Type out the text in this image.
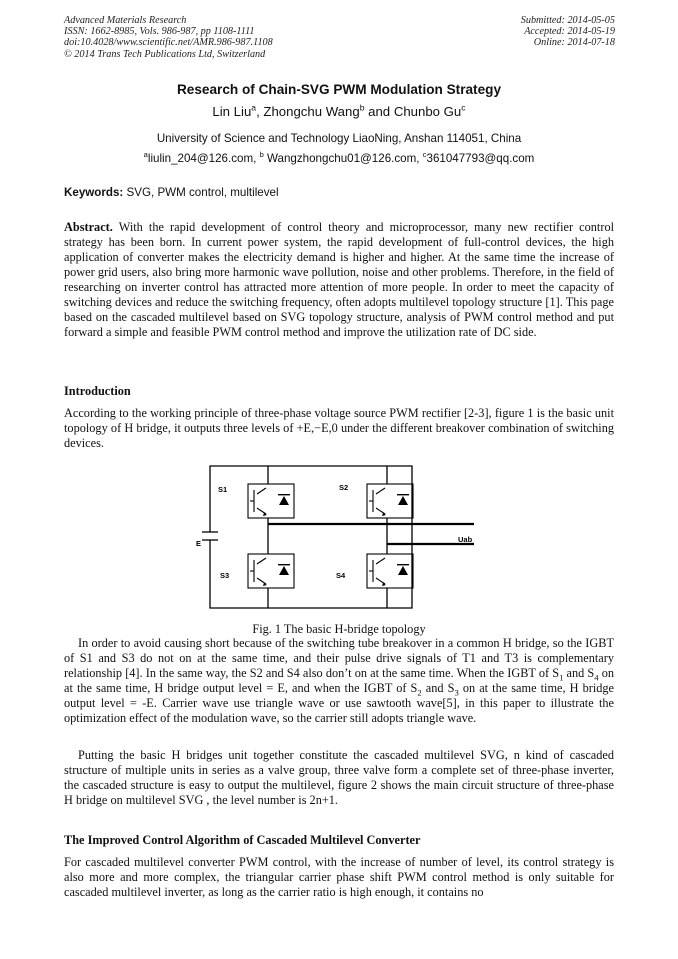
Advanced Materials Research
ISSN: 1662-8985, Vols. 986-987, pp 1108-1111
doi:10.4028/www.scientific.net/AMR.986-987.1108
© 2014 Trans Tech Publications Ltd, Switzerland
Submitted: 2014-05-05
Accepted: 2014-05-19
Online: 2014-07-18
Research of Chain-SVG PWM Modulation Strategy
Lin Liu$^a$, Zhongchu Wang$^b$ and Chunbo Gu$^c$
University of Science and Technology LiaoNing, Anshan 114051, China
$^a$liulin_204@126.com, $^b$ Wangzhongchu01@126.com, $^c$361047793@qq.com
Keywords: SVG, PWM control, multilevel
Abstract. With the rapid development of control theory and microprocessor, many new rectifier control strategy has been born. In current power system, the rapid development of full-control devices, the high application of converter makes the electricity demand is higher and higher. At the same time the increase of power grid users, also bring more harmonic wave pollution, noise and other problems. Therefore, in the field of researching on inverter control has attracted more attention of more people. In order to meet the capacity of switching devices and reduce the switching frequency, often adopts multilevel topology structure [1]. This page based on the cascaded multilevel based on SVG topology structure, analysis of PWM control method and put forward a simple and feasible PWM control method and improve the utilization rate of DC side.
Introduction
According to the working principle of three-phase voltage source PWM rectifier [2-3], figure 1 is the basic unit topology of H bridge, it outputs three levels of +E,−E,0 under the different breakover combination of switching devices.
S1	S2
S3	S4
E	Uab
Fig. 1 The basic H-bridge topology
In order to avoid causing short because of the switching tube breakover in a common H bridge, so the IGBT of S1 and S3 do not on at the same time, and their pulse drive signals of T1 and T3 is complementary relationship [4]. In the same way, the S2 and S4 also don’t on at the same time. When the IGBT of $S_1$ and $S_4$ on at the same time, H bridge output level = E, and when the IGBT of $S_2$ and $S_3$ on at the same time, H bridge output level = -E. Carrier wave use triangle wave or use sawtooth wave[5], in this paper to illustrate the optimization effect of the modulation wave, so the carrier still adopts triangle wave.
Putting the basic H bridges unit together constitute the cascaded multilevel SVG, n kind of cascaded structure of multiple units in series as a valve group, three valve form a complete set of three-phase inverter, the cascaded structure is easy to output the multilevel, figure 2 shows the main circuit structure of three-phase H bridge on multilevel SVG , the level number is 2n+1.
The Improved Control Algorithm of Cascaded Multilevel Converter
For cascaded multilevel converter PWM control, with the increase of number of level, its control strategy is also more and more complex, the triangular carrier phase shift PWM control method is only suitable for cascaded multilevel inverter, as long as the carrier ratio is high enough, it contains no
